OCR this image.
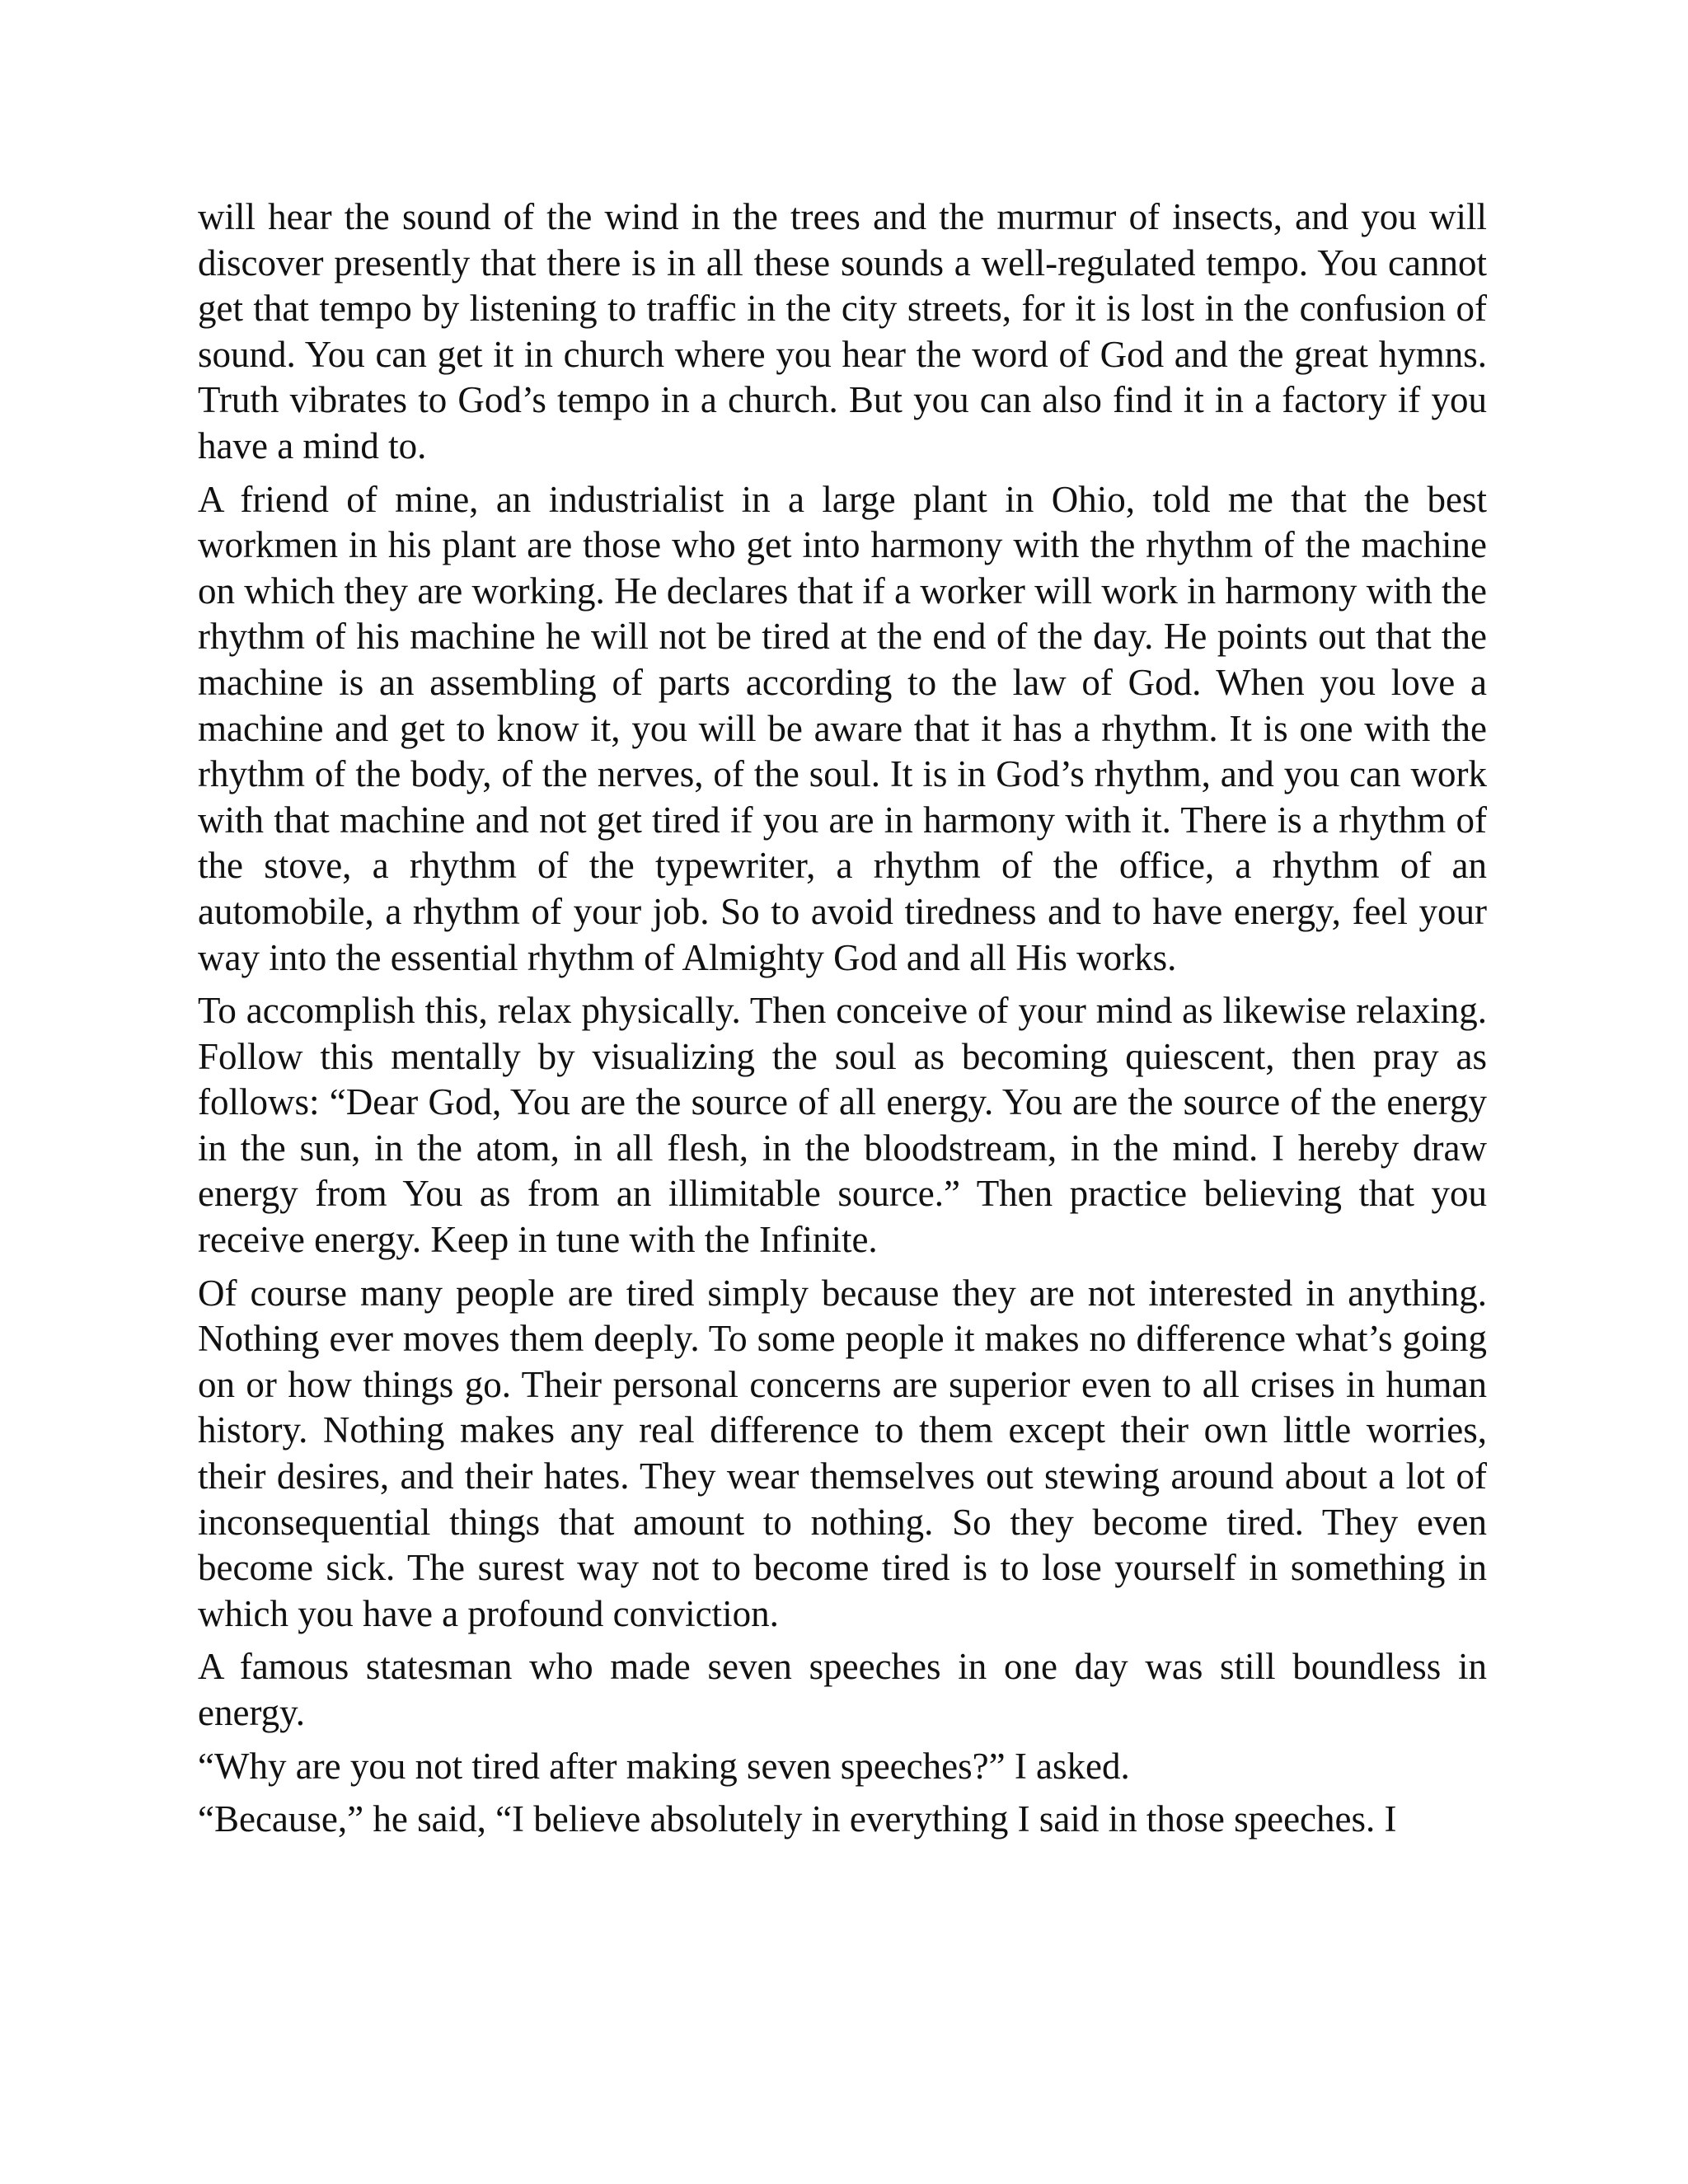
will hear the sound of the wind in the trees and the murmur of insects, and you will discover presently that there is in all these sounds a well-regulated tempo. You cannot get that tempo by listening to traffic in the city streets, for it is lost in the confusion of sound. You can get it in church where you hear the word of God and the great hymns. Truth vibrates to God’s tempo in a church. But you can also find it in a factory if you have a mind to.

A friend of mine, an industrialist in a large plant in Ohio, told me that the best workmen in his plant are those who get into harmony with the rhythm of the machine on which they are working. He declares that if a worker will work in harmony with the rhythm of his machine he will not be tired at the end of the day. He points out that the machine is an assembling of parts according to the law of God. When you love a machine and get to know it, you will be aware that it has a rhythm. It is one with the rhythm of the body, of the nerves, of the soul. It is in God’s rhythm, and you can work with that machine and not get tired if you are in harmony with it. There is a rhythm of the stove, a rhythm of the typewriter, a rhythm of the office, a rhythm of an automobile, a rhythm of your job. So to avoid tiredness and to have energy, feel your way into the essential rhythm of Almighty God and all His works.

To accomplish this, relax physically. Then conceive of your mind as likewise relaxing. Follow this mentally by visualizing the soul as becoming quiescent, then pray as follows: “Dear God, You are the source of all energy. You are the source of the energy in the sun, in the atom, in all flesh, in the bloodstream, in the mind. I hereby draw energy from You as from an illimitable source.” Then practice believing that you receive energy. Keep in tune with the Infinite.

Of course many people are tired simply because they are not interested in anything. Nothing ever moves them deeply. To some people it makes no difference what’s going on or how things go. Their personal concerns are superior even to all crises in human history. Nothing makes any real difference to them except their own little worries, their desires, and their hates. They wear themselves out stewing around about a lot of inconsequential things that amount to nothing. So they become tired. They even become sick. The surest way not to become tired is to lose yourself in something in which you have a profound conviction.

A famous statesman who made seven speeches in one day was still boundless in energy.

“Why are you not tired after making seven speeches?” I asked.

“Because,” he said, “I believe absolutely in everything I said in those speeches. I
